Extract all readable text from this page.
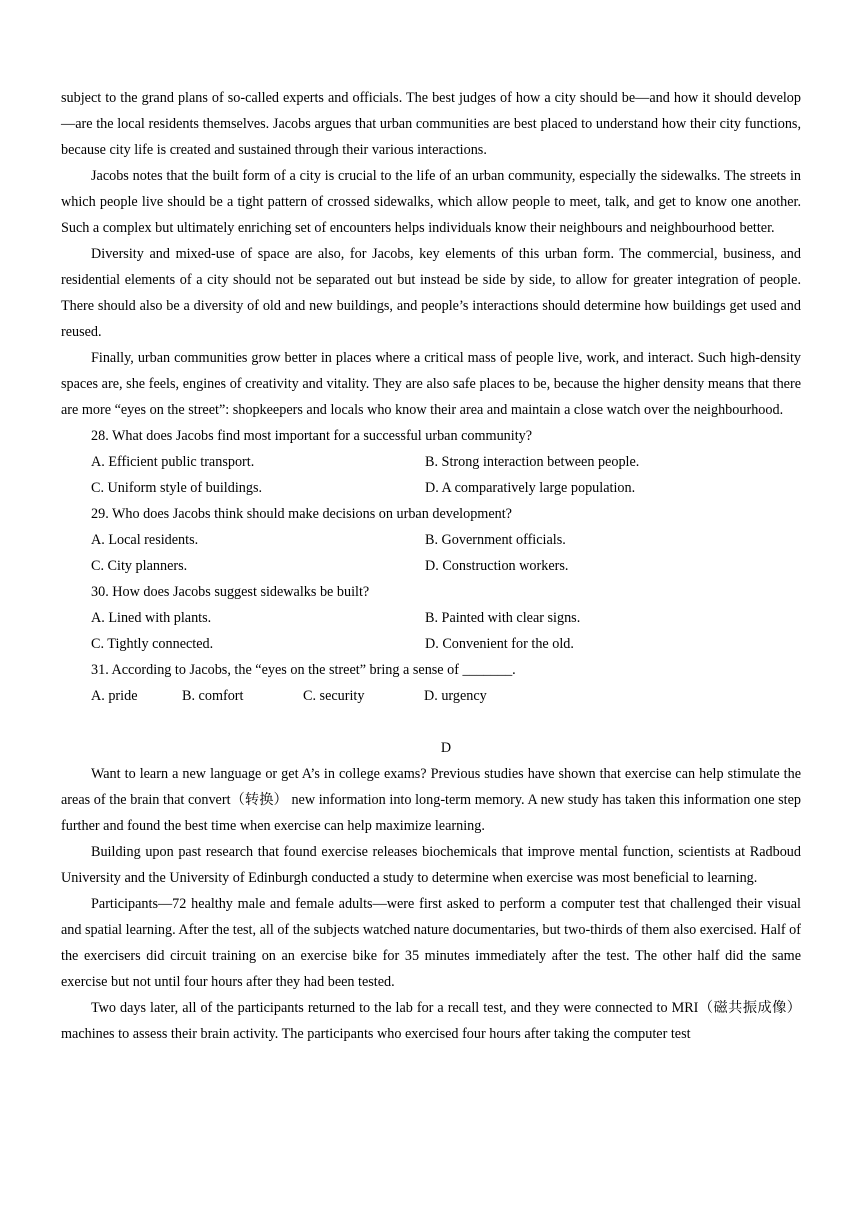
subject to the grand plans of so-called experts and officials. The best judges of how a city should be—and how it should develop—are the local residents themselves. Jacobs argues that urban communities are best placed to understand how their city functions, because city life is created and sustained through their various interactions.

Jacobs notes that the built form of a city is crucial to the life of an urban community, especially the sidewalks. The streets in which people live should be a tight pattern of crossed sidewalks, which allow people to meet, talk, and get to know one another. Such a complex but ultimately enriching set of encounters helps individuals know their neighbours and neighbourhood better.

Diversity and mixed-use of space are also, for Jacobs, key elements of this urban form. The commercial, business, and residential elements of a city should not be separated out but instead be side by side, to allow for greater integration of people. There should also be a diversity of old and new buildings, and people’s interactions should determine how buildings get used and reused.

Finally, urban communities grow better in places where a critical mass of people live, work, and interact. Such high-density spaces are, she feels, engines of creativity and vitality. They are also safe places to be, because the higher density means that there are more “eyes on the street”: shopkeepers and locals who know their area and maintain a close watch over the neighbourhood.

28. What does Jacobs find most important for a successful urban community?

A. Efficient public transport.	B. Strong interaction between people.
C. Uniform style of buildings.	D. A comparatively large population.

29. Who does Jacobs think should make decisions on urban development?

A. Local residents.	B. Government officials.
C. City planners.	D. Construction workers.

30. How does Jacobs suggest sidewalks be built?

A. Lined with plants.	B. Painted with clear signs.
C. Tightly connected.	D. Convenient for the old.

31. According to Jacobs, the “eyes on the street” bring a sense of _______.

A. pride	B. comfort	C. security	D. urgency

D

Want to learn a new language or get A’s in college exams? Previous studies have shown that exercise can help stimulate the areas of the brain that convert（转换） new information into long-term memory. A new study has taken this information one step further and found the best time when exercise can help maximize learning.

Building upon past research that found exercise releases biochemicals that improve mental function, scientists at Radboud University and the University of Edinburgh conducted a study to determine when exercise was most beneficial to learning.

Participants—72 healthy male and female adults—were first asked to perform a computer test that challenged their visual and spatial learning. After the test, all of the subjects watched nature documentaries, but two-thirds of them also exercised. Half of the exercisers did circuit training on an exercise bike for 35 minutes immediately after the test. The other half did the same exercise but not until four hours after they had been tested.

Two days later, all of the participants returned to the lab for a recall test, and they were connected to MRI（磁共振成像） machines to assess their brain activity. The participants who exercised four hours after taking the computer test
